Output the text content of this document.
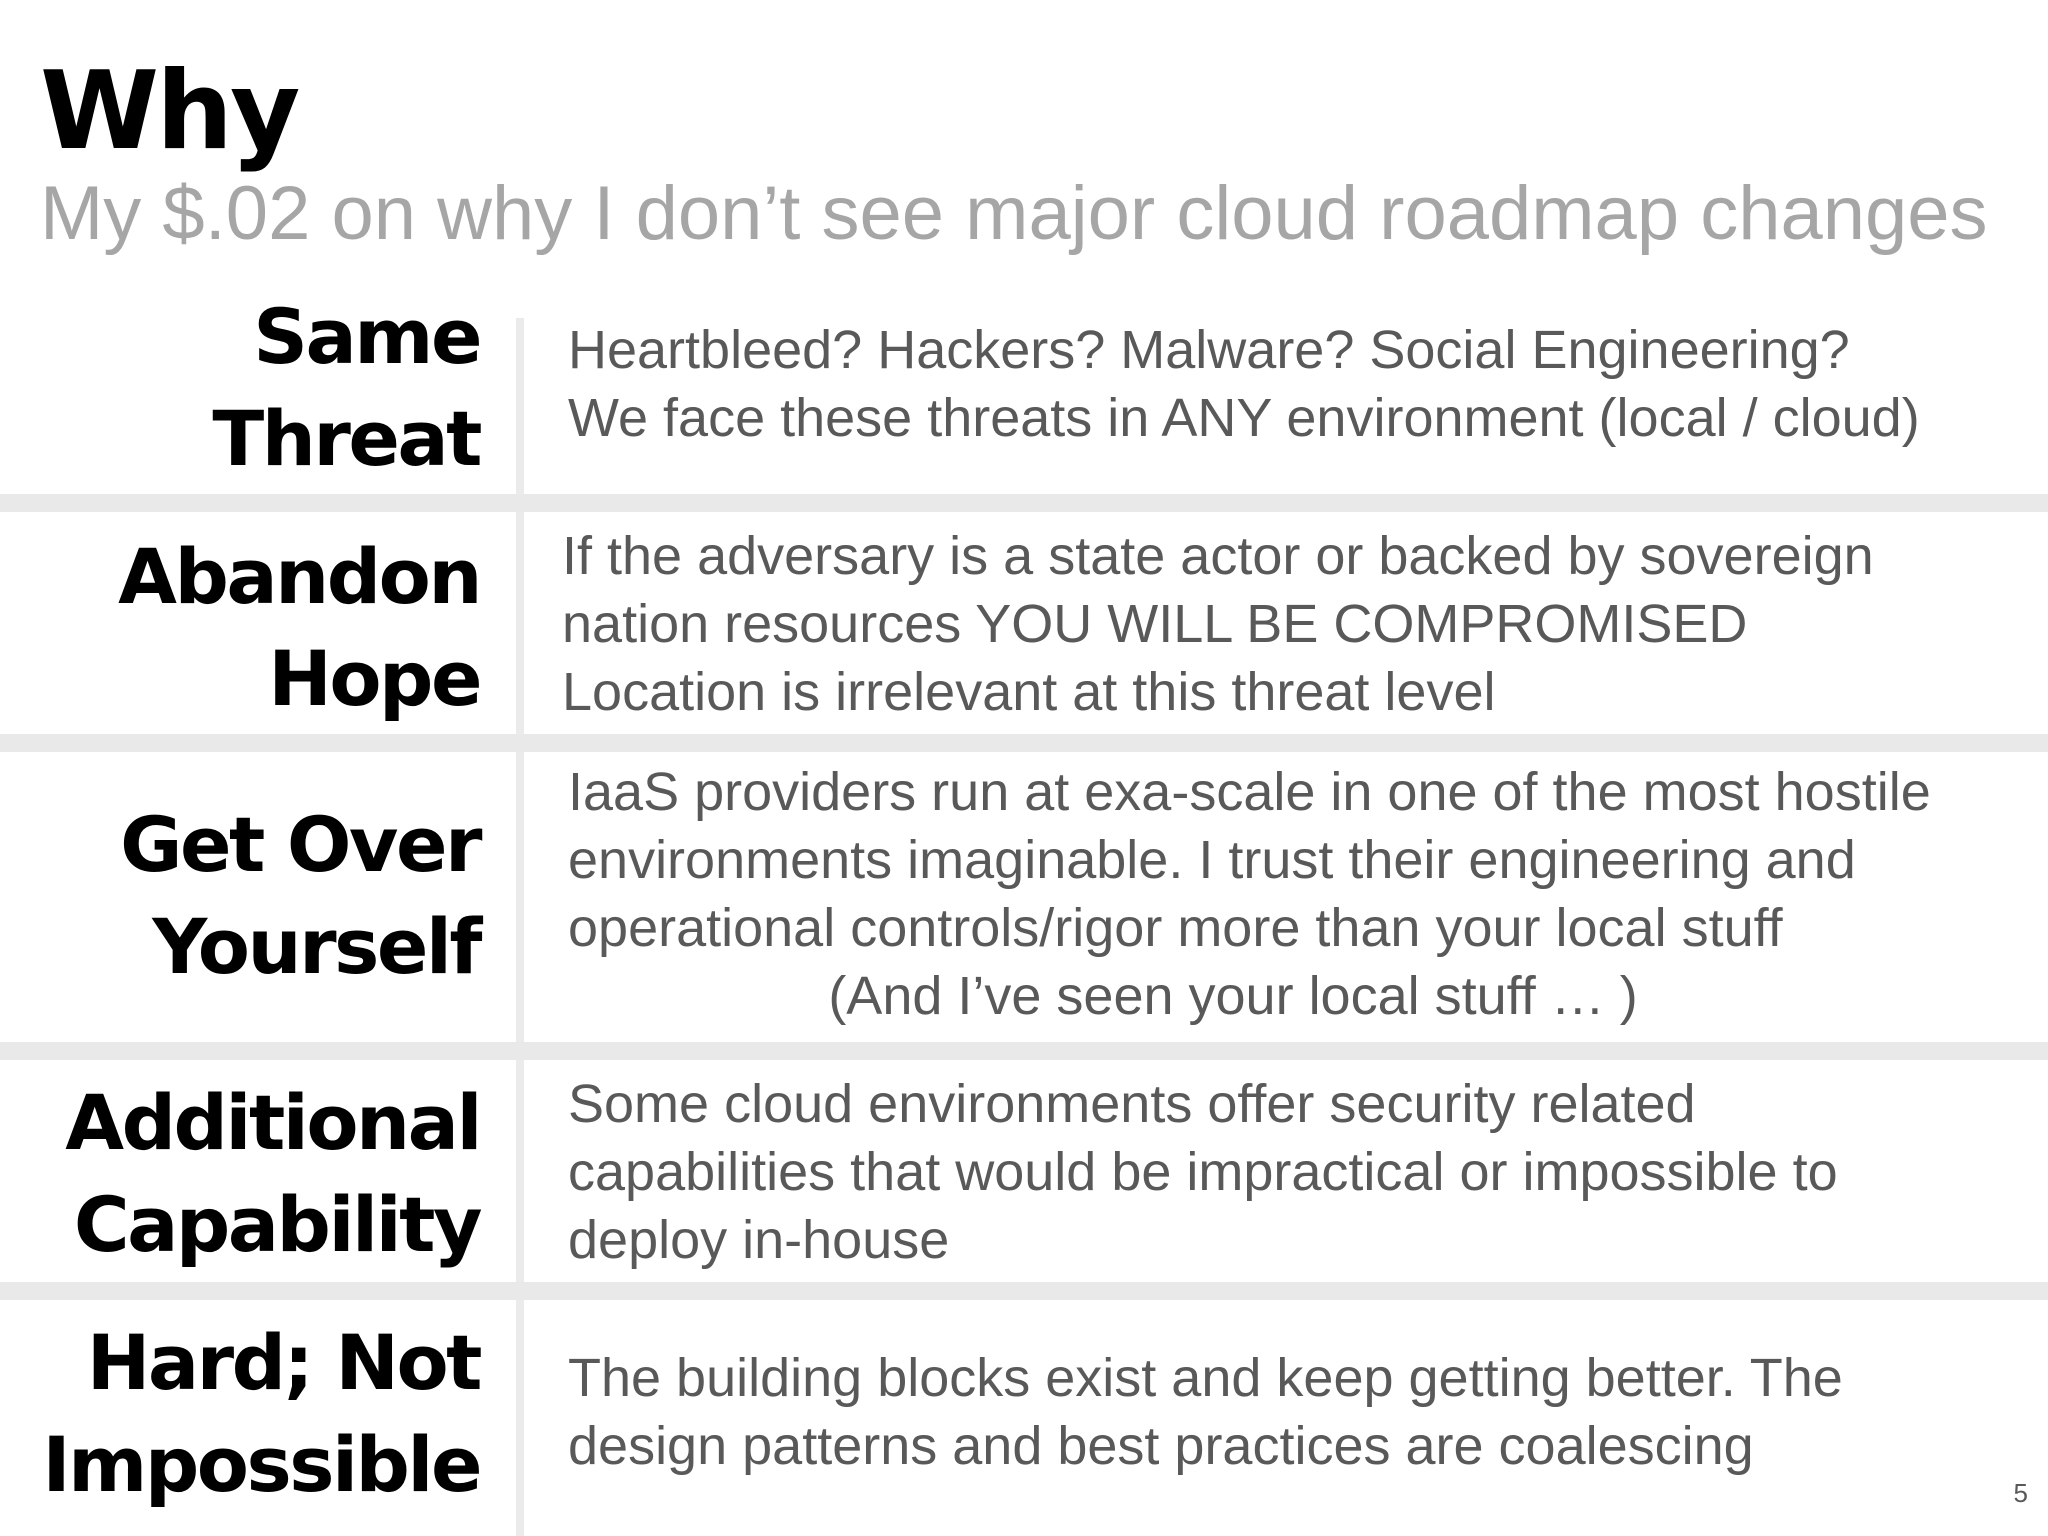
Why

My $.02 on why I don’t see major cloud roadmap changes

Same
Threat
Heartbleed? Hackers? Malware? Social Engineering?
We face these threats in ANY environment (local / cloud)
Abandon
Hope
If the adversary is a state actor or backed by sovereign
nation resources YOU WILL BE COMPROMISED
Location is irrelevant at this threat level
Get Over
Yourself
IaaS providers run at exa-scale in one of the most hostile
environments imaginable. I trust their engineering and
operational controls/rigor more than your local stuff
(And I’ve seen your local stuff … )
Additional
Capability
Some cloud environments offer security related
capabilities that would be impractical or impossible to
deploy in-house
Hard; Not
Impossible
The building blocks exist and keep getting better. The
design patterns and best practices are coalescing
5
